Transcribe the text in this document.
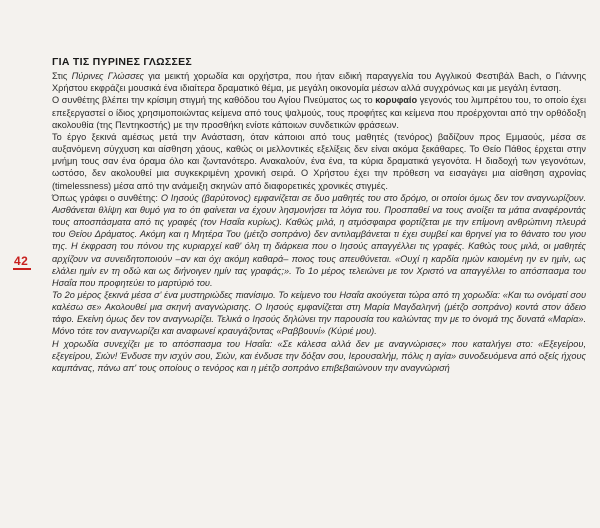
42
ΓΙΑ ΤΙΣ ΠΥΡΙΝΕΣ ΓΛΩΣΣΕΣ

Στις Πύρινες Γλώσσες για μεικτή χορωδία και ορχήστρα, που ήταν ειδική παραγγελία του Αγγλικού Φεστιβάλ Bach, ο Γιάννης Χρήστου εκφράζει μουσικά ένα ιδιαίτερα δραματικό θέμα, με μεγάλη οικονομία μέσων αλλά συγχρόνως και με μεγάλη ένταση.

Ο συνθέτης βλέπει την κρίσιμη στιγμή της καθόδου του Αγίου Πνεύματος ως το κορυφαίο γεγονός του λιμπρέτου του, το οποίο έχει επεξεργαστεί ο ίδιος χρησιμοποιώντας κείμενα από τους ψαλμούς, τους προφήτες και κείμενα που προέρχονται από την ορθόδοξη ακολουθία (της Πεντηκοστής) με την προσθήκη ενίοτε κάποιων συνδετικών φράσεων.

Το έργο ξεκινά αμέσως μετά την Ανάσταση, όταν κάποιοι από τους μαθητές (τενόρος) βαδίζουν προς Εμμαούς, μέσα σε αυξανόμενη σύγχυση και αίσθηση χάους, καθώς οι μελλοντικές εξελίξεις δεν είναι ακόμα ξεκάθαρες. Το Θείο Πάθος έρχεται στην μνήμη τους σαν ένα όραμα όλο και ζωντανότερο. Ανακαλούν, ένα ένα, τα κύρια δραματικά γεγονότα. Η διαδοχή των γεγονότων, ωστόσο, δεν ακολουθεί μια συγκεκριμένη χρονική σειρά. Ο Χρήστου έχει την πρόθεση να εισαγάγει μια αίσθηση αχρονίας (timelessness) μέσα από την ανάμειξη σκηνών από διαφορετικές χρονικές στιγμές.

Όπως γράφει ο συνθέτης: Ο Ιησούς (βαρύτονος) εμφανίζεται σε δυο μαθητές του στο δρόμο, οι οποίοι όμως δεν τον αναγνωρίζουν. Αισθάνεται θλίψη και θυμό για το ότι φαίνεται να έχουν λησμονήσει τα λόγια του. Προσπαθεί να τους ανοίξει τα μάτια αναφέροντάς τους αποσπάσματα από τις γραφές (τον Ησαΐα κυρίως). Καθώς μιλά, η ατμόσφαιρα φορτίζεται με την επίμονη ανθρώπινη πλευρά του Θείου Δράματος. Ακόμη και η Μητέρα Του (μέτζο σοπράνο) δεν αντιλαμβάνεται τι έχει συμβεί και θρηνεί για το θάνατο του γιου της. Η έκφραση του πόνου της κυριαρχεί καθ' όλη τη διάρκεια που ο Ιησούς απαγγέλλει τις γραφές. Καθώς τους μιλά, οι μαθητές αρχίζουν να συνειδητοποιούν –αν και όχι ακόμη καθαρά– ποιος τους απευθύνεται. «Ουχί η καρδία ημών καιομένη ην εν ημίν, ως ελάλει ημίν εν τη οδώ και ως διήνοιγεν ημίν τας γραφάς;». Το 1ο μέρος τελειώνει με τον Χριστό να απαγγέλλει το απόσπασμα του Ησαΐα που προφητεύει το μαρτύριό του.

Το 2ο μέρος ξεκινά μέσα σ' ένα μυστηριώδες πιανίσιμο. Το κείμενο του Ησαΐα ακούγεται τώρα από τη χορωδία: «Και τω ονόματί σου καλέσω σε» Ακολουθεί μια σκηνή αναγνώρισης. Ο Ιησούς εμφανίζεται στη Μαρία Μαγδαληνή (μέτζο σοπράνο) κοντά στον άδειο τάφο. Εκείνη όμως δεν τον αναγνωρίζει. Τελικά ο Ιησούς δηλώνει την παρουσία του καλώντας την με το όνομά της δυνατά «Μαρία». Μόνο τότε τον αναγνωρίζει και αναφωνεί κραυγάζοντας «Ραββουνί» (Κύριέ μου).

Η χορωδία συνεχίζει με το απόσπασμα του Ησαΐα: «Σε κάλεσα αλλά δεν με αναγνώρισες» που καταλήγει στο: «Εξεγείρου, εξεγείρου, Σιών! Ένδυσε την ισχύν σου, Σιών, και ένδυσε την δόξαν σου, Ιερουσαλήμ, πόλις η αγία» συνοδευόμενα από οξείς ήχους καμπάνας, πάνω απ' τους οποίους ο τενόρος και η μέτζο σοπράνο επιβεβαιώνουν την αναγνώρισή
